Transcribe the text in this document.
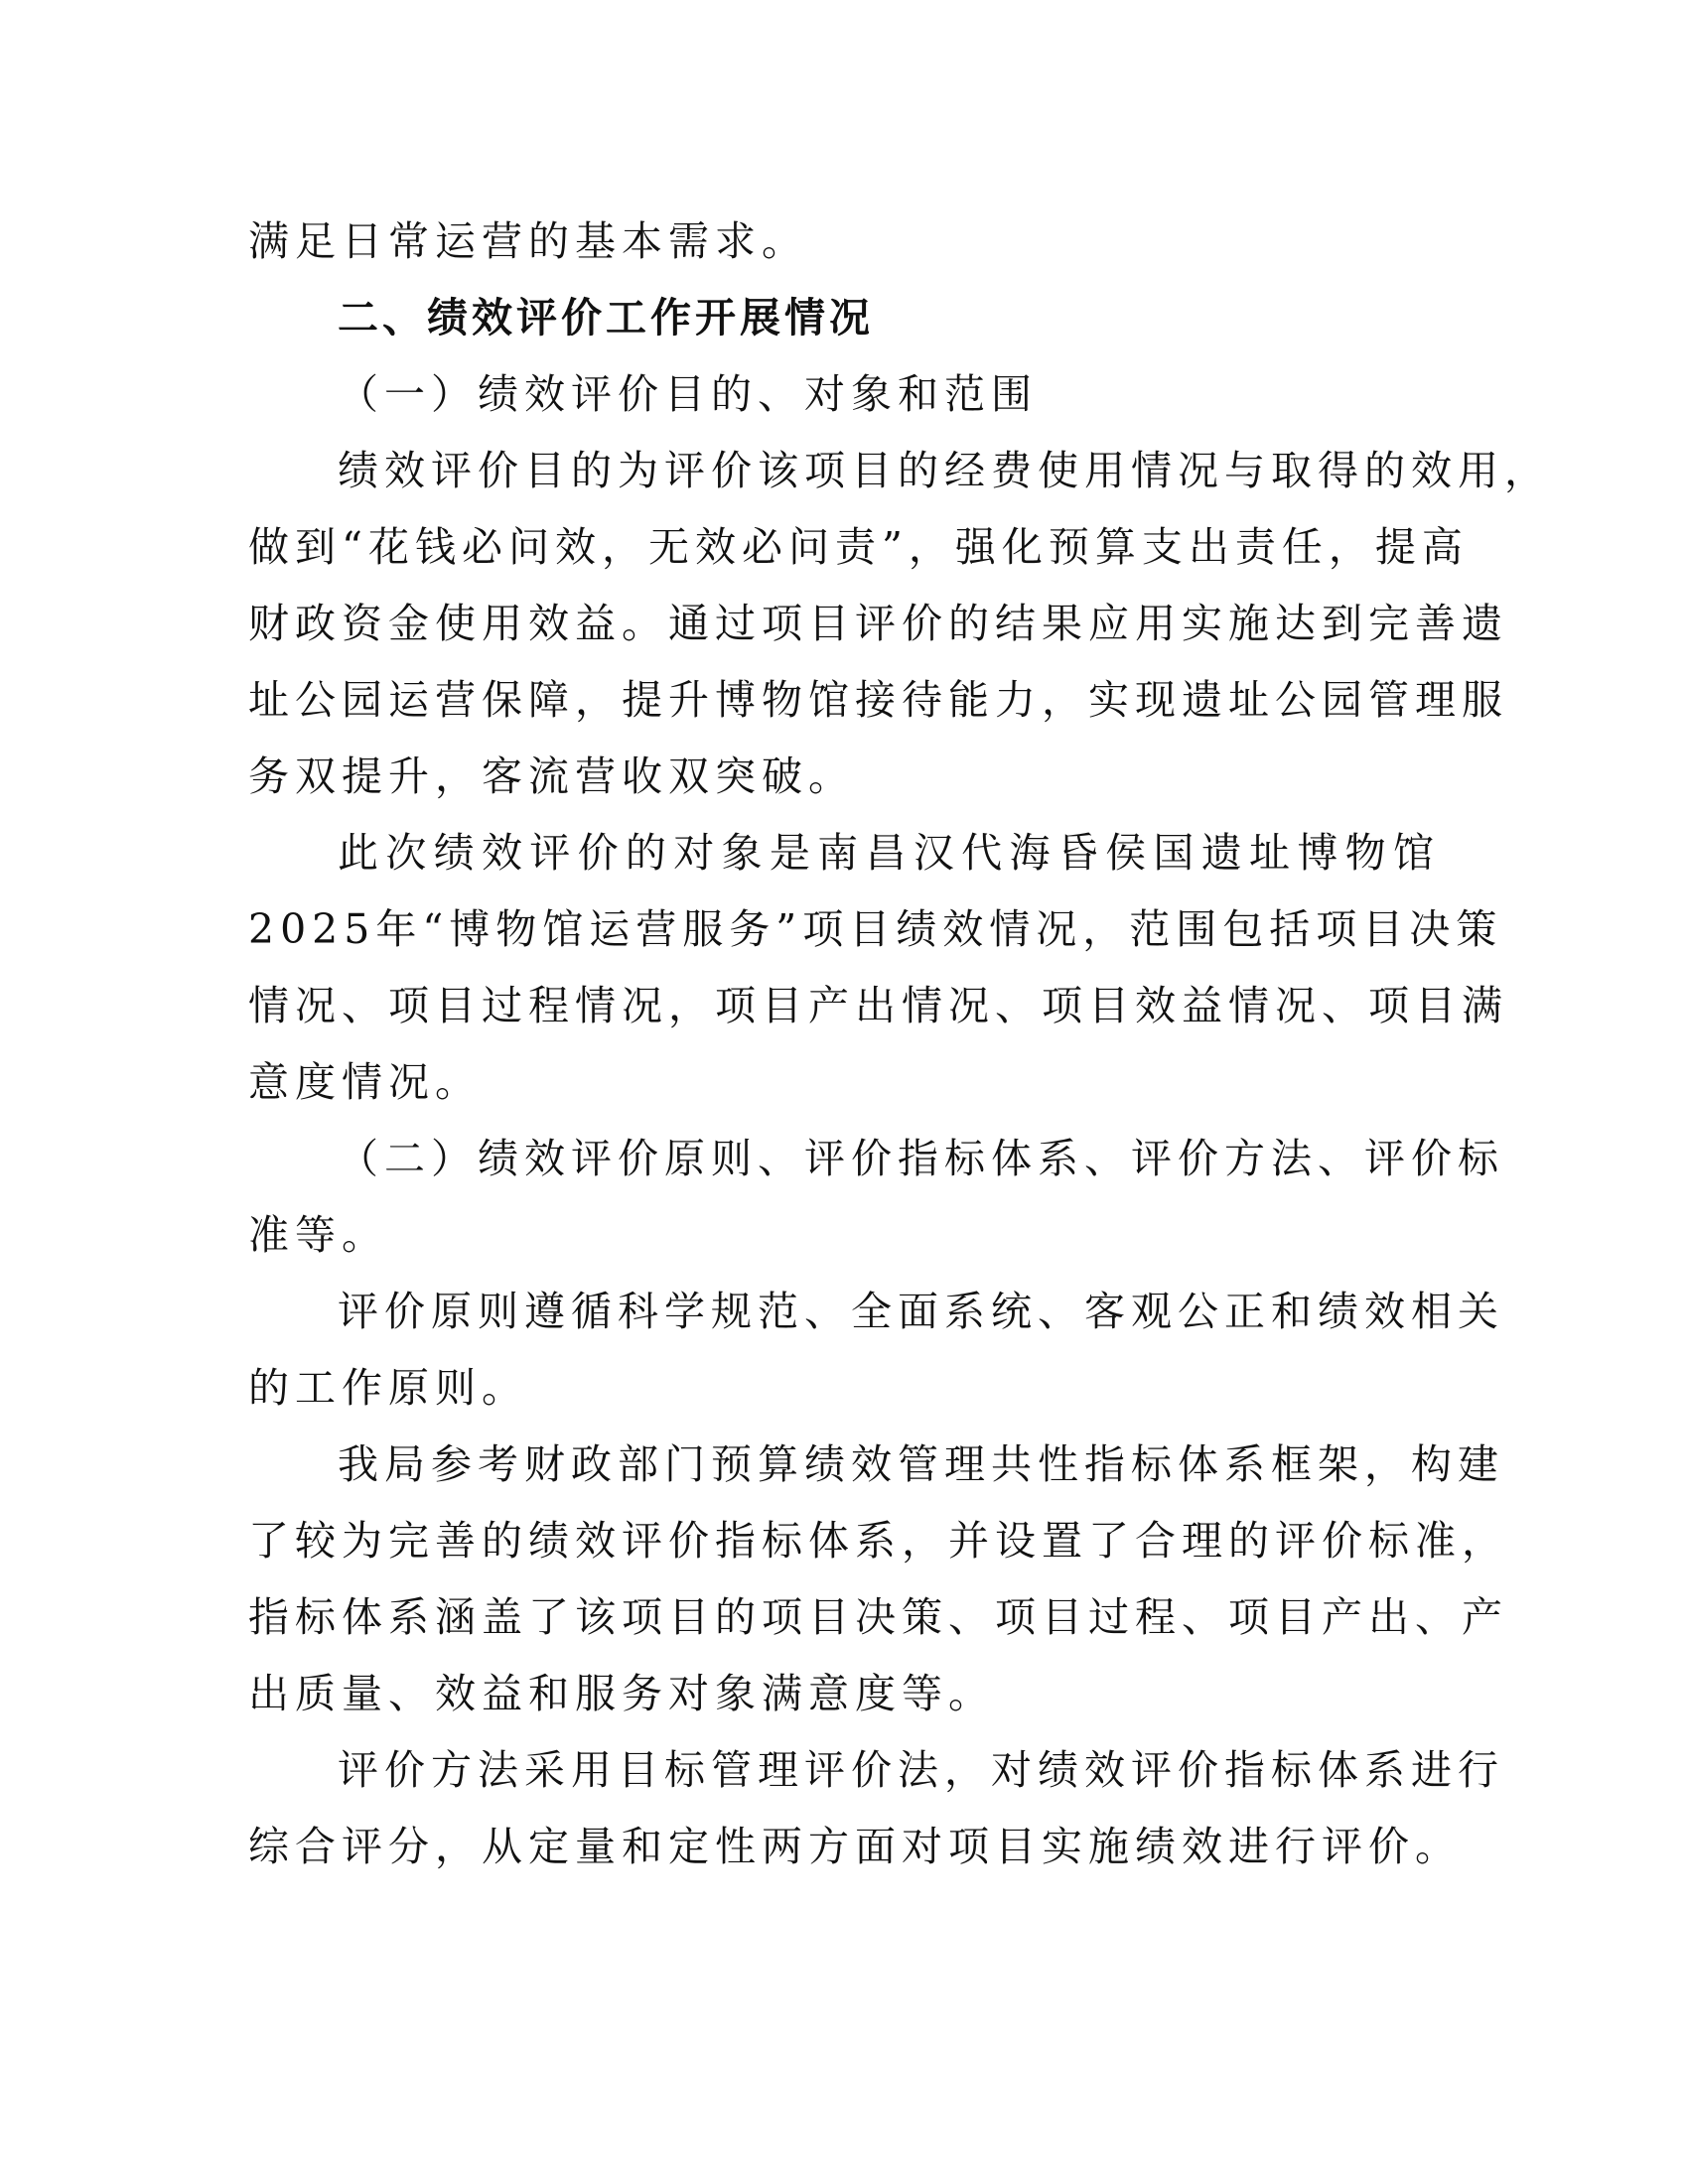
满足日常运营的基本需求。
二、绩效评价工作开展情况
（一）绩效评价目的、对象和范围
绩效评价目的为评价该项目的经费使用情况与取得的效用，
做到“花钱必问效，无效必问责”，强化预算支出责任，提高
财政资金使用效益。通过项目评价的结果应用实施达到完善遗
址公园运营保障，提升博物馆接待能力，实现遗址公园管理服
务双提升，客流营收双突破。
此次绩效评价的对象是南昌汉代海昏侯国遗址博物馆
2025年“博物馆运营服务”项目绩效情况，范围包括项目决策
情况、项目过程情况，项目产出情况、项目效益情况、项目满
意度情况。
（二）绩效评价原则、评价指标体系、评价方法、评价标
准等。
评价原则遵循科学规范、全面系统、客观公正和绩效相关
的工作原则。
我局参考财政部门预算绩效管理共性指标体系框架，构建
了较为完善的绩效评价指标体系，并设置了合理的评价标准，
指标体系涵盖了该项目的项目决策、项目过程、项目产出、产
出质量、效益和服务对象满意度等。
评价方法采用目标管理评价法，对绩效评价指标体系进行
综合评分，从定量和定性两方面对项目实施绩效进行评价。
